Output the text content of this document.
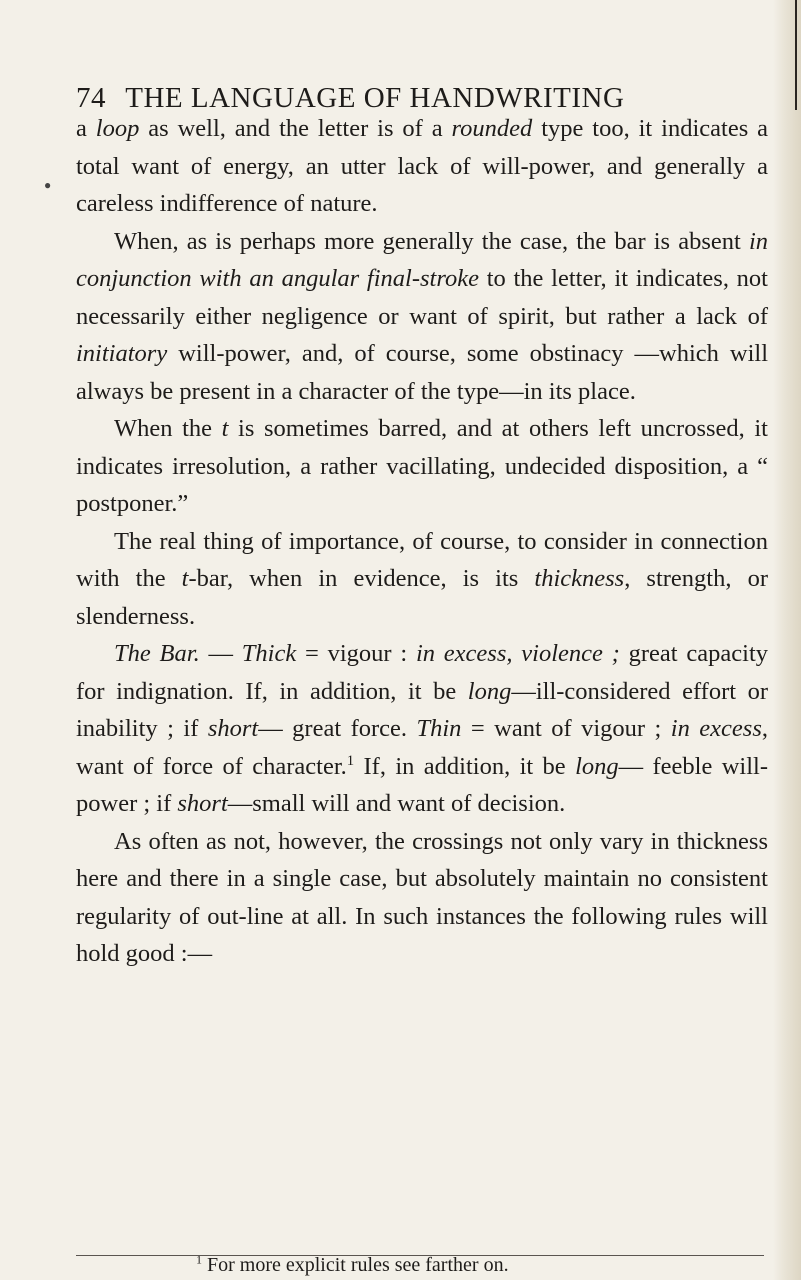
●
74 THE LANGUAGE OF HANDWRITING

a loop as well, and the letter is of a rounded type too, it indicates a total want of energy, an utter lack of will-power, and generally a careless indifference of nature.

When, as is perhaps more generally the case, the bar is absent in conjunction with an angular final-stroke to the letter, it indicates, not necessarily either negligence or want of spirit, but rather a lack of initiatory will-power, and, of course, some obstinacy —which will always be present in a character of the type—in its place.

When the t is sometimes barred, and at others left uncrossed, it indicates irresolution, a rather vacillating, undecided disposition, a “ postponer.”

The real thing of importance, of course, to consider in connection with the t-bar, when in evidence, is its thickness, strength, or slenderness.

The Bar. — Thick = vigour : in excess, violence ; great capacity for indignation. If, in addition, it be long—ill-considered effort or inability ; if short— great force. Thin = want of vigour ; in excess, want of force of character.$^1$ If, in addition, it be long— feeble will-power ; if short—small will and want of decision.

As often as not, however, the crossings not only vary in thickness here and there in a single case, but absolutely maintain no consistent regularity of out-line at all. In such instances the following rules will hold good :—

$^1$ For more explicit rules see farther on.
